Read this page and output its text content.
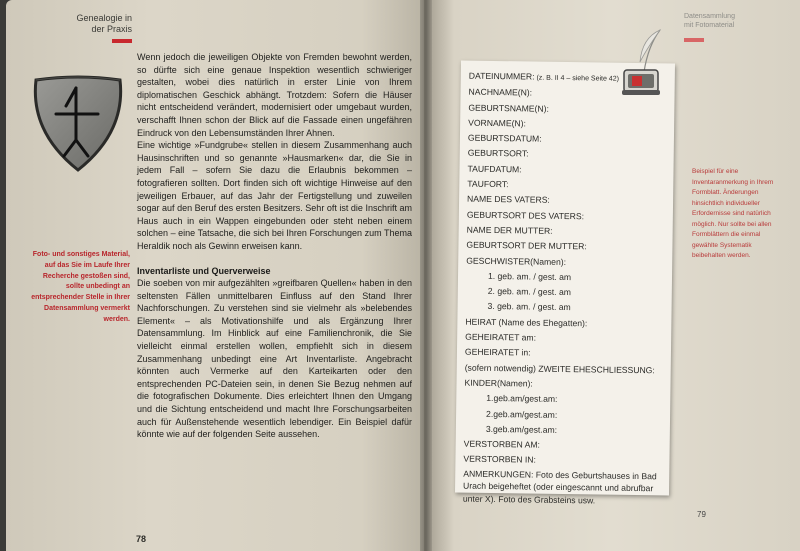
Genealogie in
der Praxis
Foto- und sonstiges Material, auf das Sie im Laufe Ihrer Recherche gestoßen sind, sollte unbedingt an entsprechender Stelle in Ihrer Datensammlung vermerkt werden.

Wenn jedoch die jeweiligen Objekte von Fremden bewohnt werden, so dürfte sich eine genaue Inspektion wesentlich schwieriger gestalten, wobei dies natürlich in erster Linie von Ihrem diplomatischen Geschick abhängt. Trotzdem: Sofern die Häuser nicht entscheidend verändert, modernisiert oder umgebaut wurden, verschafft Ihnen schon der Blick auf die Fassade einen ungefähren Eindruck von den Lebensumständen Ihrer Ahnen.

Eine wichtige »Fundgrube« stellen in diesem Zusammenhang auch Hausinschriften und so genannte »Hausmarken« dar, die Sie in jedem Fall – sofern Sie dazu die Erlaubnis bekommen – fotografieren sollten. Dort finden sich oft wichtige Hinweise auf den jeweiligen Erbauer, auf das Jahr der Fertigstellung und zuweilen sogar auf den Beruf des ersten Besitzers. Sehr oft ist die Inschrift am Haus auch in ein Wappen eingebunden oder steht neben einem solchen – eine Tatsache, die sich bei Ihren Forschungen zum Thema Heraldik noch als Gewinn erweisen kann.

Inventarliste und Querverweise

Die soeben von mir aufgezählten »greifbaren Quellen« haben in den seltensten Fällen unmittelbaren Einfluss auf den Stand Ihrer Nachforschungen. Zu verstehen sind sie vielmehr als »belebendes Element« – als Motivationshilfe und als Ergänzung Ihrer Datensammlung. Im Hinblick auf eine Familienchronik, die Sie vielleicht einmal erstellen wollen, empfiehlt sich in diesem Zusammenhang unbedingt eine Art Inventarliste. Angebracht könnten auch Vermerke auf den Karteikarten oder den entsprechenden PC-Dateien sein, in denen Sie Bezug nehmen auf die fotografischen Dokumente. Dies erleichtert Ihnen den Umgang und die Sichtung entscheidend und macht Ihre Forschungsarbeiten auch für Außenstehende wesentlich lebendiger. Ein Beispiel dafür könnte wie auf der folgenden Seite aussehen.

78
Datensammlung
mit Fotomaterial
DATEINUMMER: (z. B. II 4 – siehe Seite 42)
NACHNAME(N):
GEBURTSNAME(N):
VORNAME(N):
GEBURTSDATUM:
GEBURTSORT:
TAUFDATUM:
TAUFORT:
NAME DES VATERS:
GEBURTSORT DES VATERS:
NAME DER MUTTER:
GEBURTSORT DER MUTTER:
GESCHWISTER(Namen):
1. geb. am. / gest. am
2. geb. am. / gest. am
3. geb. am. / gest. am
HEIRAT (Name des Ehegatten):
GEHEIRATET am:
GEHEIRATET in:
(sofern notwendig) ZWEITE EHESCHLIESSUNG:
KINDER(Namen):
1.geb.am/gest.am:
2.geb.am/gest.am:
3.geb.am/gest.am:
VERSTORBEN AM:
VERSTORBEN IN:
ANMERKUNGEN: Foto des Geburtshauses in Bad Urach beigeheftet (oder eingescannt und abrufbar unter X). Foto des Grabsteins usw.
Beispiel für eine Inventaranmerkung in Ihrem Formblatt. Änderungen hinsichtlich individueller Erfordernisse sind natürlich möglich. Nur sollte bei allen Formblättern die einmal gewählte Systematik beibehalten werden.
79
